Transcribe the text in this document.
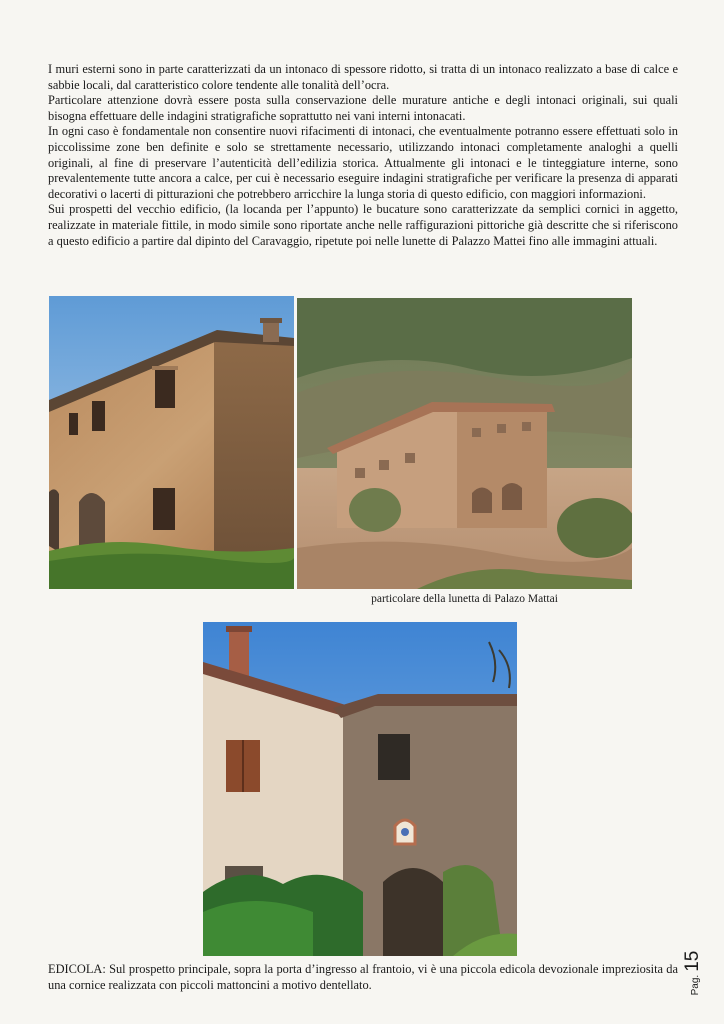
I muri esterni sono in parte caratterizzati da un intonaco di spessore ridotto, si tratta di un intonaco realizzato a base di calce e sabbie locali, dal caratteristico colore tendente alle tonalità dell’ocra.

Particolare attenzione dovrà essere posta sulla conservazione delle murature antiche e degli intonaci originali, sui quali bisogna effettuare delle indagini stratigrafiche soprattutto nei vani interni intonacati.

In ogni caso è fondamentale non consentire nuovi rifacimenti di intonaci, che eventualmente potranno essere effettuati solo in piccolissime zone ben definite e solo se strettamente necessario, utilizzando intonaci completamente analoghi a quelli originali, al fine di preservare l’autenticità dell’edilizia storica. Attualmente gli intonaci e le tinteggiature interne, sono prevalentemente tutte ancora a calce, per cui è necessario eseguire indagini stratigrafiche per verificare la presenza di apparati decorativi o lacerti di pitturazioni che potrebbero arricchire la lunga storia di questo edificio, con maggiori informazioni.

Sui prospetti del vecchio edificio, (la locanda per l’appunto) le bucature sono caratterizzate da semplici cornici in aggetto, realizzate in materiale fittile, in modo simile sono riportate anche nelle raffigurazioni pittoriche già descritte che si riferiscono a questo edificio a partire dal dipinto del Caravaggio, ripetute poi nelle lunette di Palazzo Mattei fino alle immagini attuali.

particolare della lunetta di Palazo Mattai
EDICOLA: Sul prospetto principale, sopra la porta d’ingresso al frantoio, vi è una piccola edicola devozionale impreziosita da una cornice realizzata con piccoli mattoncini a motivo dentellato.	Pag.
15
